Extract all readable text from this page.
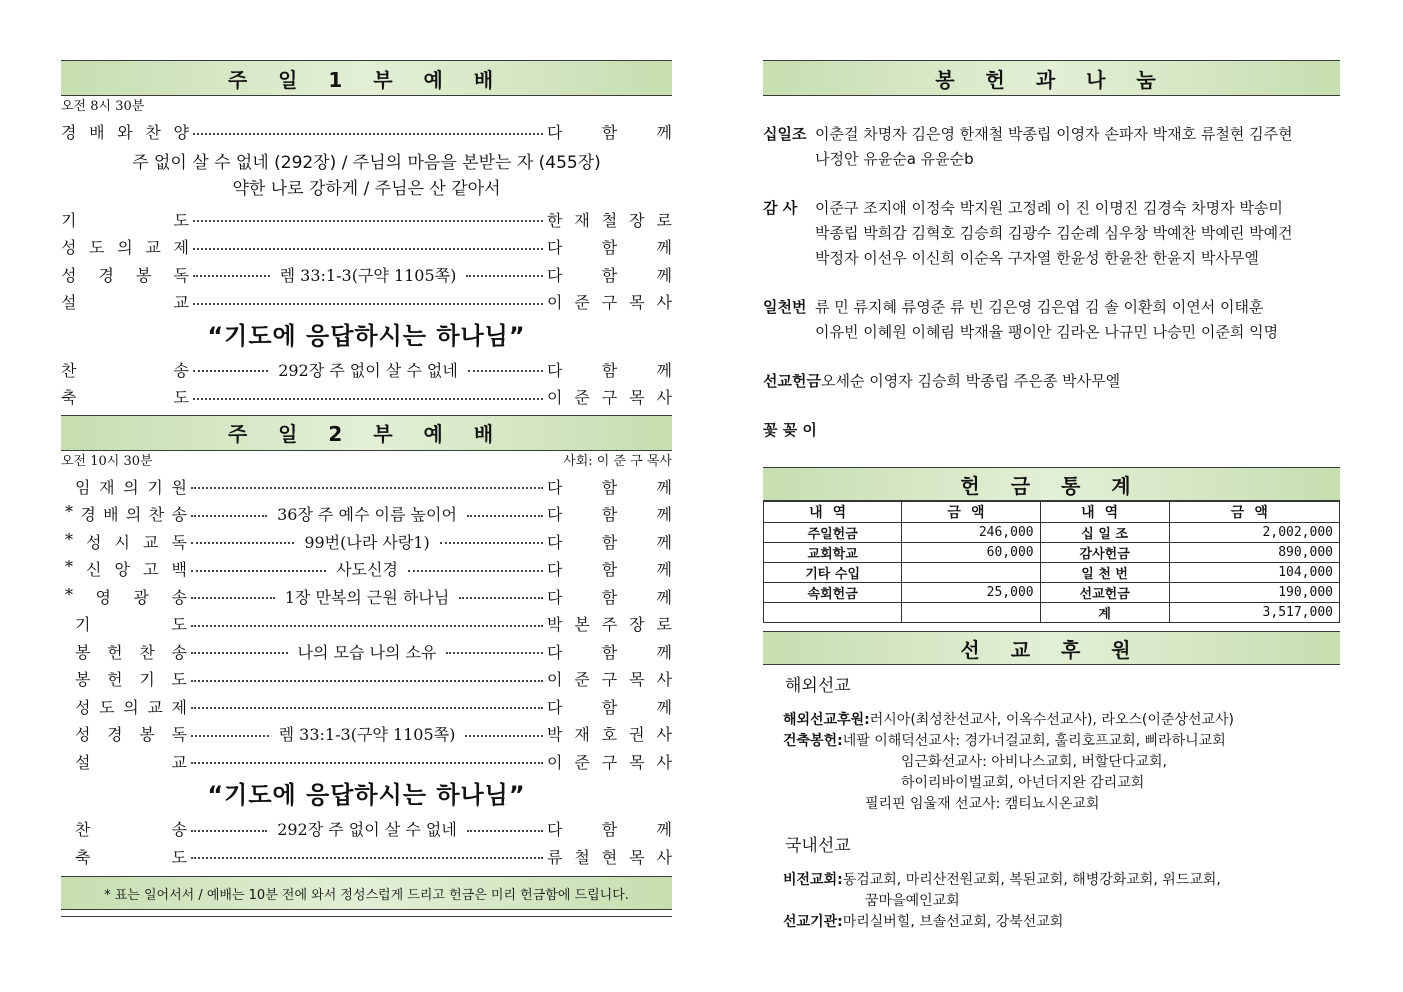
주 일 1 부 예 배
오전 8시 30분
경 배 와 찬 양	다 함 께
주 없이 살 수 없네 (292장) / 주님의 마음을 본받는 자 (455장)
약한 나로 강하게 / 주님은 산 같아서
기	도	한 재 철 장 로
성 도 의 교 제	다 함 께
성 경 봉 독	렘 33:1-3(구약 1105쪽)	다 함 께
설	교	이 준 구 목 사
“기도에 응답하시는 하나님”
찬	송	292장 주 없이 살 수 없네	다 함 께
축	도	이 준 구 목 사
주 일 2 부 예 배
오전 10시 30분	사회: 이 준 구 목사
임 재 의 기 원	다 함 께
* 경 배 의 찬 송	36장 주 예수 이름 높이어	다 함 께
* 성 시 교 독	99번(나라 사랑1)	다 함 께
* 신 앙 고 백	사도신경	다 함 께
* 영 광 송	1장 만복의 근원 하나님	다 함 께
기	도	박 본 주 장 로
봉 헌 찬 송	나의 모습 나의 소유	다 함 께
봉 헌 기 도	이 준 구 목 사
성 도 의 교 제	다 함 께
성 경 봉 독	렘 33:1-3(구약 1105쪽)	박 재 호 권 사
설	교	이 준 구 목 사
“기도에 응답하시는 하나님”
찬	송	292장 주 없이 살 수 없네	다 함 께
축	도	류 철 현 목 사
* 표는 일어서서 / 예배는 10분 전에 와서 정성스럽게 드리고 헌금은 미리 헌금함에 드립니다.
봉 헌 과 나 눔
십일조 이춘걸 차명자 김은영 한재철 박종립 이영자 손파자 박재호 류철현 김주현
나정안 유윤순a 유윤순b
감 사	이준구 조지애 이정숙 박지원 고정례 이 진 이명진 김경숙 차명자 박송미
박종립 박희감 김혁호 김승희 김광수 김순례 심우창 박예찬 박예린 박예건
박정자 이선우 이신희 이순옥 구자열 한윤성 한윤찬 한윤지 박사무엘
일천번 류 민 류지혜 류영준 류 빈 김은영 김은엽 김 솔 이환희 이연서 이태훈
이유빈 이혜원 이혜림 박재율 팽이안 김라온 나규민 나승민 이준희 익명
선교헌금 오세순 이영자 김승희 박종립 주은종 박사무엘
꽃 꽂 이
헌 금 통 계
내역	금액	내역	금액
주일헌금	246,000	십 일 조	2,002,000
교회학교	60,000	감사헌금	890,000
기타 수입		일 천 번	104,000
속회헌금	25,000	선교헌금	190,000
		계	3,517,000
선 교 후 원
해외선교
해외선교후원:러시아(최성찬선교사, 이옥수선교사), 라오스(이준상선교사)
건축봉헌:네팔 이해덕선교사: 경가너걸교회, 훌리호프교회, 삐라하니교회
임근화선교사: 아비나스교회, 버할단다교회,
하이리바이벌교회, 아넌더지완 감리교회
필리핀 임울재 선교사: 캠티뇨시온교회
국내선교
비전교회:동검교회, 마리산전원교회, 복된교회, 해병강화교회, 위드교회,
꿈마을예인교회
선교기관:마리실버힐, 브솔선교회, 강북선교회
